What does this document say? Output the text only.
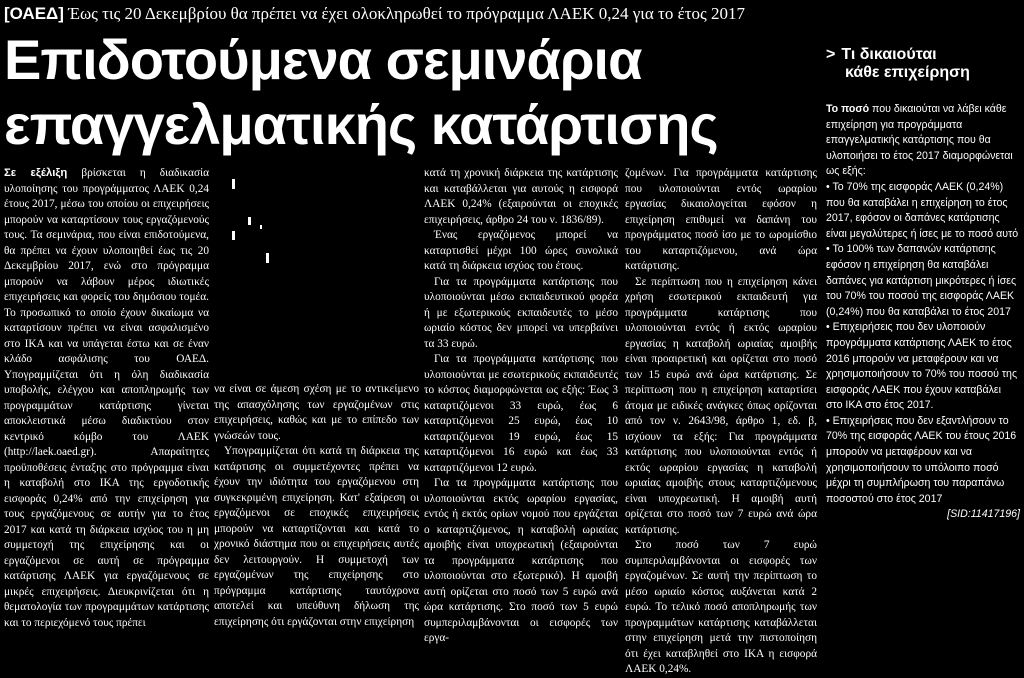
[ΟΑΕΔ] Έως τις 20 Δεκεμβρίου θα πρέπει να έχει ολοκληρωθεί το πρόγραμμα ΛΑΕΚ 0,24 για το έτος 2017
Επιδοτούμενα σεμινάρια
επαγγελματικής κατάρτισης
> Τι δικαιούται
κάθε επιχείρηση

Σε εξέλιξη βρίσκεται η διαδικασία υλοποίησης του προγράμματος ΛΑΕΚ 0,24 έτους 2017, μέσω του οποίου οι επιχειρήσεις μπορούν να καταρτίσουν τους εργαζόμενούς τους. Τα σεμινάρια, που είναι επιδοτούμενα, θα πρέπει να έχουν υλοποιηθεί έως τις 20 Δεκεμβρίου 2017, ενώ στο πρόγραμμα μπορούν να λάβουν μέρος ιδιωτικές επιχειρήσεις και φορείς του δημόσιου τομέα. Το προσωπικό το οποίο έχουν δικαίωμα να καταρτίσουν πρέπει να είναι ασφαλισμένο στο ΙΚΑ και να υπάγεται έστω και σε έναν κλάδο ασφάλισης του ΟΑΕΔ. Υπογραμμίζεται ότι η όλη διαδικασία υποβολής, ελέγχου και αποπληρωμής των προγραμμάτων κατάρτισης γίνεται αποκλειστικά μέσω διαδικτύου στον κεντρικό κόμβο του ΛΑΕΚ (http://laek.oaed.gr). Απαραίτητες προϋποθέσεις ένταξης στο πρόγραμμα είναι η καταβολή στο ΙΚΑ της εργοδοτικής εισφοράς 0,24% από την επιχείρηση για τους εργαζόμενους σε αυτήν για το έτος 2017 και κατά τη διάρκεια ισχύος του η μη συμμετοχή της επιχείρησης και οι εργαζόμενοι σε αυτή σε πρόγραμμα κατάρτισης ΛΑΕΚ για εργαζόμενους σε μικρές επιχειρήσεις. Διευκρινίζεται ότι η θεματολογία των προγραμμάτων κατάρτισης και το περιεχόμενό τους πρέπει

να είναι σε άμεση σχέση με το αντικείμενο της απασχόλησης των εργαζομένων στις επιχειρήσεις, καθώς και με το επίπεδο των γνώσεών τους.

Υπογραμμίζεται ότι κατά τη διάρκεια της κατάρτισης οι συμμετέχοντες πρέπει να έχουν την ιδιότητα του εργαζόμενου στη συγκεκριμένη επιχείρηση. Κατ' εξαίρεση οι εργαζόμενοι σε εποχικές επιχειρήσεις μπορούν να καταρτίζονται και κατά το χρονικό διάστημα που οι επιχειρήσεις αυτές δεν λειτουργούν. Η συμμετοχή των εργαζομένων της επιχείρησης στο πρόγραμμα κατάρτισης ταυτόχρονα αποτελεί και υπεύθυνη δήλωση της επιχείρησης ότι εργάζονται στην επιχείρηση

κατά τη χρονική διάρκεια της κατάρτισης και καταβάλλεται για αυτούς η εισφορά ΛΑΕΚ 0,24% (εξαιρούνται οι εποχικές επιχειρήσεις, άρθρο 24 του ν. 1836/89).

Ένας εργαζόμενος μπορεί να καταρτισθεί μέχρι 100 ώρες συνολικά κατά τη διάρκεια ισχύος του έτους.

Για τα προγράμματα κατάρτισης που υλοποιούνται μέσω εκπαιδευτικού φορέα ή με εξωτερικούς εκπαιδευτές το μέσο ωριαίο κόστος δεν μπορεί να υπερβαίνει τα 33 ευρώ.

Για τα προγράμματα κατάρτισης που υλοποιούνται με εσωτερικούς εκπαιδευτές το κόστος διαμορφώνεται ως εξής: Έως 3 καταρτιζόμενοι 33 ευρώ, έως 6 καταρτιζόμενοι 25 ευρώ, έως 10 καταρτιζόμενοι 19 ευρώ, έως 15 καταρτιζόμενοι 16 ευρώ και έως 33 καταρτιζόμενοι 12 ευρώ.

Για τα προγράμματα κατάρτισης που υλοποιούνται εκτός ωραρίου εργασίας, εντός ή εκτός ορίων νομού που εργάζεται ο καταρτιζόμενος, η καταβολή ωριαίας αμοιβής είναι υποχρεωτική (εξαιρούνται τα προγράμματα κατάρτισης που υλοποιούνται στο εξωτερικό). Η αμοιβή αυτή ορίζεται στο ποσό των 5 ευρώ ανά ώρα κατάρτισης. Στο ποσό των 5 ευρώ συμπεριλαμβάνονται οι εισφορές των εργα-

ζομένων. Για προγράμματα κατάρτισης που υλοποιούνται εντός ωραρίου εργασίας δικαιολογείται εφόσον η επιχείρηση επιθυμεί να δαπάνη του προγράμματος ποσό ίσο με το ωρομίσθιο του καταρτιζόμενου, ανά ώρα κατάρτισης.

Σε περίπτωση που η επιχείρηση κάνει χρήση εσωτερικού εκπαιδευτή για προγράμματα κατάρτισης που υλοποιούνται εντός ή εκτός ωραρίου εργασίας η καταβολή ωριαίας αμοιβής είναι προαιρετική και ορίζεται στο ποσό των 15 ευρώ ανά ώρα κατάρτισης. Σε περίπτωση που η επιχείρηση καταρτίσει άτομα με ειδικές ανάγκες όπως ορίζονται από τον ν. 2643/98, άρθρο 1, εδ. β, ισχύουν τα εξής: Για προγράμματα κατάρτισης που υλοποιούνται εντός ή εκτός ωραρίου εργασίας η καταβολή ωριαίας αμοιβής στους καταρτιζόμενους είναι υποχρεωτική. Η αμοιβή αυτή ορίζεται στο ποσό των 7 ευρώ ανά ώρα κατάρτισης.

Στο ποσό των 7 ευρώ συμπεριλαμβάνονται οι εισφορές των εργαζομένων. Σε αυτή την περίπτωση το μέσο ωριαίο κόστος αυξάνεται κατά 2 ευρώ. Το τελικό ποσό αποπληρωμής των προγραμμάτων κατάρτισης καταβάλλεται στην επιχείρηση μετά την πιστοποίηση ότι έχει καταβληθεί στο ΙΚΑ η εισφορά ΛΑΕΚ 0,24%.

Το ποσό που δικαιούται να λάβει κάθε επιχείρηση για προγράμματα επαγγελματικής κατάρτισης που θα υλοποιήσει το έτος 2017 διαμορφώνεται ως εξής:

• Το 70% της εισφοράς ΛΑΕΚ (0,24%) που θα καταβάλει η επιχείρηση το έτος 2017, εφόσον οι δαπάνες κατάρτισης είναι μεγαλύτερες ή ίσες με το ποσό αυτό

• Το 100% των δαπανών κατάρτισης εφόσον η επιχείρηση θα καταβάλει δαπάνες για κατάρτιση μικρότερες ή ίσες του 70% του ποσού της εισφοράς ΛΑΕΚ (0,24%) που θα καταβάλει το έτος 2017

• Επιχειρήσεις που δεν υλοποιούν προγράμματα κατάρτισης ΛΑΕΚ το έτος 2016 μπορούν να μεταφέρουν και να χρησιμοποιήσουν το 70% του ποσού της εισφοράς ΛΑΕΚ που έχουν καταβάλει στο ΙΚΑ στο έτος 2017.

• Επιχειρήσεις που δεν εξαντλήσουν το 70% της εισφοράς ΛΑΕΚ του έτους 2016 μπορούν να μεταφέρουν και να χρησιμοποιήσουν το υπόλοιπο ποσό μέχρι τη συμπλήρωση του παραπάνω ποσοστού στο έτος 2017

[SID:11417196]
